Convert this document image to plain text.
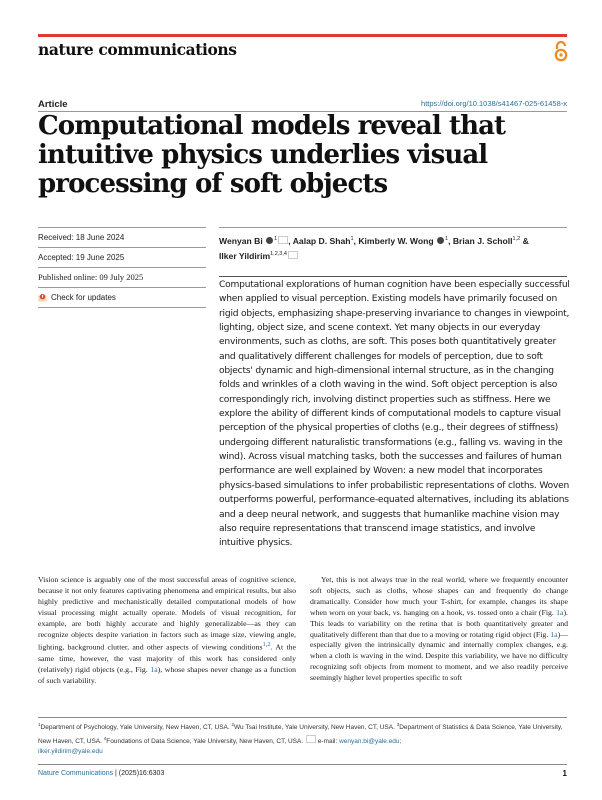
nature communications
Article	https://doi.org/10.1038/s41467-025-61458-x
Computational models reveal that intuitive physics underlies visual processing of soft objects
Received: 18 June 2024
Accepted: 19 June 2025
Published online: 09 July 2025
Check for updates
Wenyan Bi $^1$ , Aalap D. Shah$^1$, Kimberly W. Wong $^1$, Brian J. Scholl$^{1,2}$ &
Ilker Yildirim$^{1,2,3,4}$

Computational explorations of human cognition have been especially successful when applied to visual perception. Existing models have primarily focused on rigid objects, emphasizing shape-preserving invariance to changes in viewpoint, lighting, object size, and scene context. Yet many objects in our everyday environments, such as cloths, are soft. This poses both quantitatively greater and qualitatively different challenges for models of perception, due to soft objects' dynamic and high-dimensional internal structure, as in the changing folds and wrinkles of a cloth waving in the wind. Soft object perception is also correspondingly rich, involving distinct properties such as stiffness. Here we explore the ability of different kinds of computational models to capture visual perception of the physical properties of cloths (e.g., their degrees of stiffness) undergoing different naturalistic transformations (e.g., falling vs. waving in the wind). Across visual matching tasks, both the successes and failures of human performance are well explained by Woven: a new model that incorporates physics-based simulations to infer probabilistic representations of cloths. Woven outperforms powerful, performance-equated alternatives, including its ablations and a deep neural network, and suggests that humanlike machine vision may also require representations that transcend image statistics, and involve intuitive physics.

Vision science is arguably one of the most successful areas of cognitive science, because it not only features captivating phenomena and empirical results, but also highly predictive and mechanistically detailed computational models of how visual processing might actually operate. Models of visual recognition, for example, are both highly accurate and highly generalizable—as they can recognize objects despite variation in factors such as image size, viewing angle, lighting, background clutter, and other aspects of viewing conditions$^{1,2}$. At the same time, however, the vast majority of this work has considered only (relatively) rigid objects (e.g., Fig. 1a), whose shapes never change as a function of such variability.

Yet, this is not always true in the real world, where we frequently encounter soft objects, such as cloths, whose shapes can and frequently do change dramatically. Consider how much your T-shirt, for example, changes its shape when worn on your back, vs. hanging on a hook, vs. tossed onto a chair (Fig. 1a). This leads to variability on the retina that is both quantitatively greater and qualitatively different than that due to a moving or rotating rigid object (Fig. 1a)— especially given the intrinsically dynamic and internally complex changes, e.g. when a cloth is waving in the wind. Despite this variability, we have no difficulty recognizing soft objects from moment to moment, and we also readily perceive seemingly higher level properties specific to soft

$^1$Department of Psychology, Yale University, New Haven, CT, USA. $^2$Wu Tsai Institute, Yale University, New Haven, CT, USA. $^3$Department of Statistics & Data Science, Yale University, New Haven, CT, USA. $^4$Foundations of Data Science, Yale University, New Haven, CT, USA.  e-mail: wenyan.bi@yale.edu;
ilker.yildirim@yale.edu

Nature Communications | (2025)16:6303	1
